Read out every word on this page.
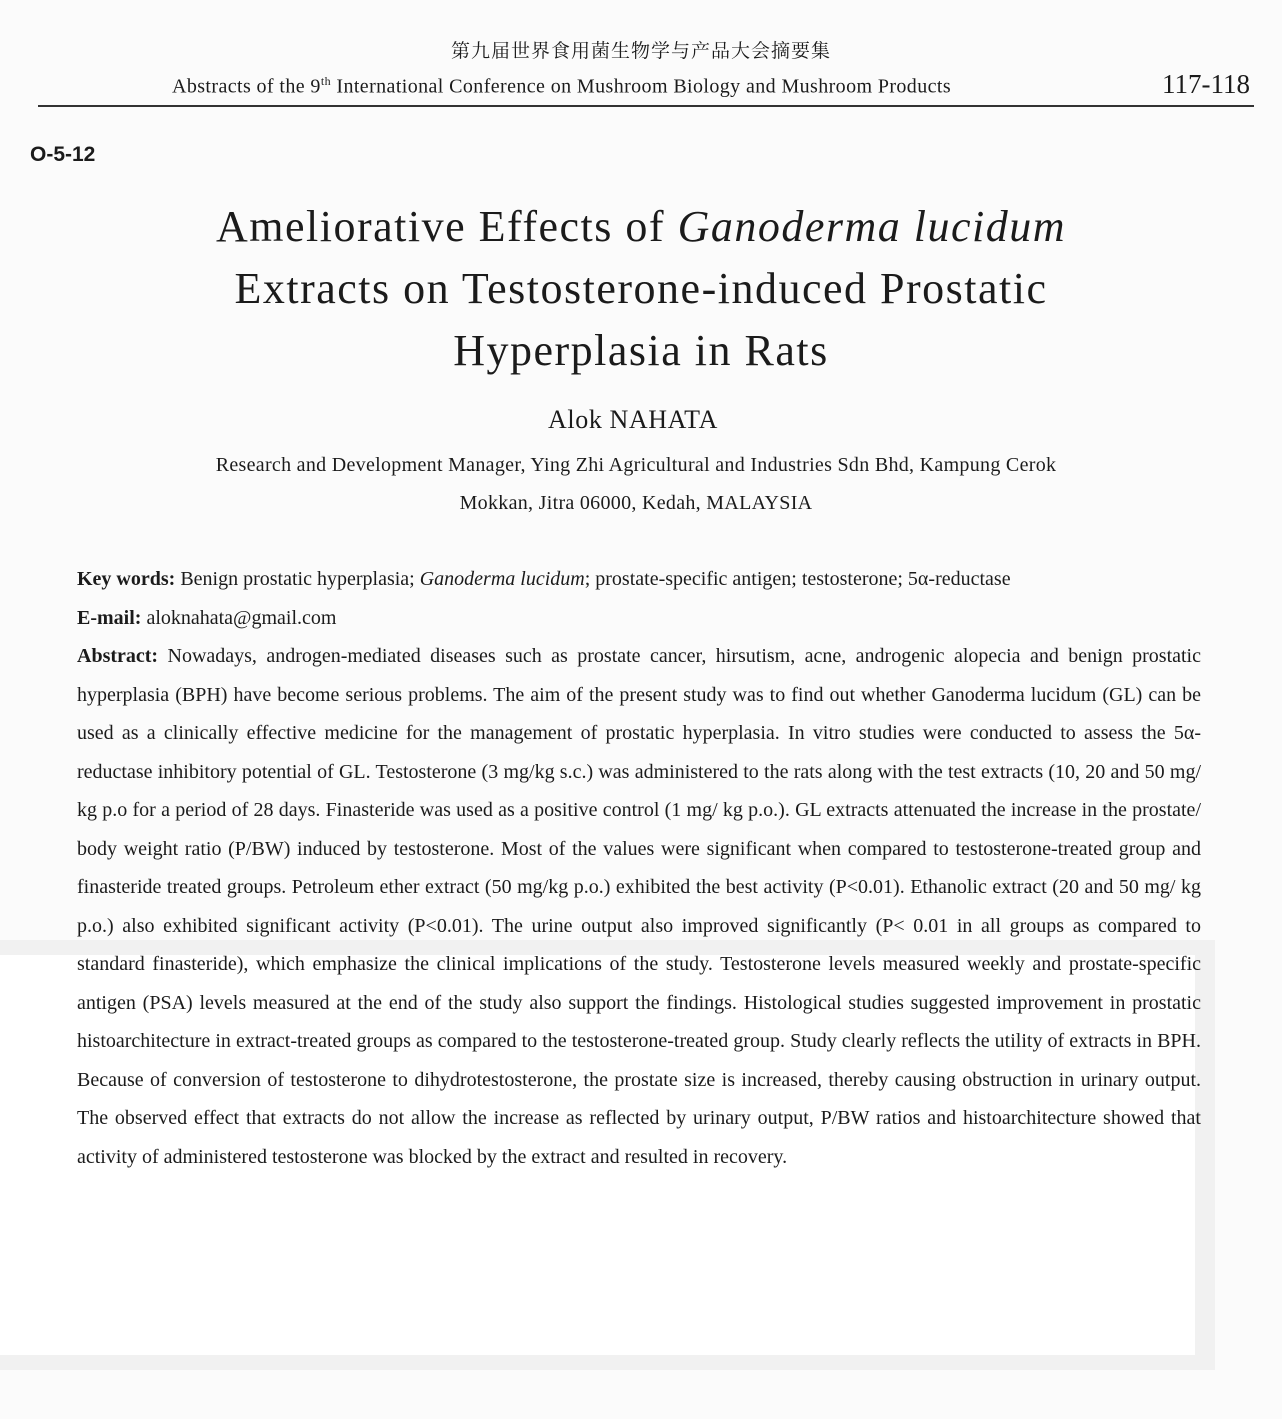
第九届世界食用菌生物学与产品大会摘要集
Abstracts of the 9th International Conference on Mushroom Biology and Mushroom Products	117-118
O-5-12
Ameliorative Effects of Ganoderma lucidum
Extracts on Testosterone-induced Prostatic
Hyperplasia in Rats
Alok NAHATA
Research and Development Manager, Ying Zhi Agricultural and Industries Sdn Bhd, Kampung Cerok
Mokkan, Jitra 06000, Kedah, MALAYSIA

Key words: Benign prostatic hyperplasia; Ganoderma lucidum; prostate-specific antigen; testosterone; 5α-reductase

E-mail: aloknahata@gmail.com

Abstract: Nowadays, androgen-mediated diseases such as prostate cancer, hirsutism, acne, androgenic alopecia and benign prostatic hyperplasia (BPH) have become serious problems. The aim of the present study was to find out whether Ganoderma lucidum (GL) can be used as a clinically effective medicine for the management of prostatic hyperplasia. In vitro studies were conducted to assess the 5α-reductase inhibitory potential of GL. Testosterone (3 mg/kg s.c.) was administered to the rats along with the test extracts (10, 20 and 50 mg/ kg p.o for a period of 28 days. Finasteride was used as a positive control (1 mg/ kg p.o.). GL extracts attenuated the increase in the prostate/ body weight ratio (P/BW) induced by testosterone. Most of the values were significant when compared to testosterone-treated group and finasteride treated groups. Petroleum ether extract (50 mg/kg p.o.) exhibited the best activity (P<0.01). Ethanolic extract (20 and 50 mg/ kg p.o.) also exhibited significant activity (P<0.01). The urine output also improved significantly (P< 0.01 in all groups as compared to standard finasteride), which emphasize the clinical implications of the study. Testosterone levels measured weekly and prostate-specific antigen (PSA) levels measured at the end of the study also support the findings. Histological studies suggested improvement in prostatic histoarchitecture in extract-treated groups as compared to the testosterone-treated group. Study clearly reflects the utility of extracts in BPH. Because of conversion of testosterone to dihydrotestosterone, the prostate size is increased, thereby causing obstruction in urinary output. The observed effect that extracts do not allow the increase as reflected by urinary output, P/BW ratios and histoarchitecture showed that activity of administered testosterone was blocked by the extract and resulted in recovery.
